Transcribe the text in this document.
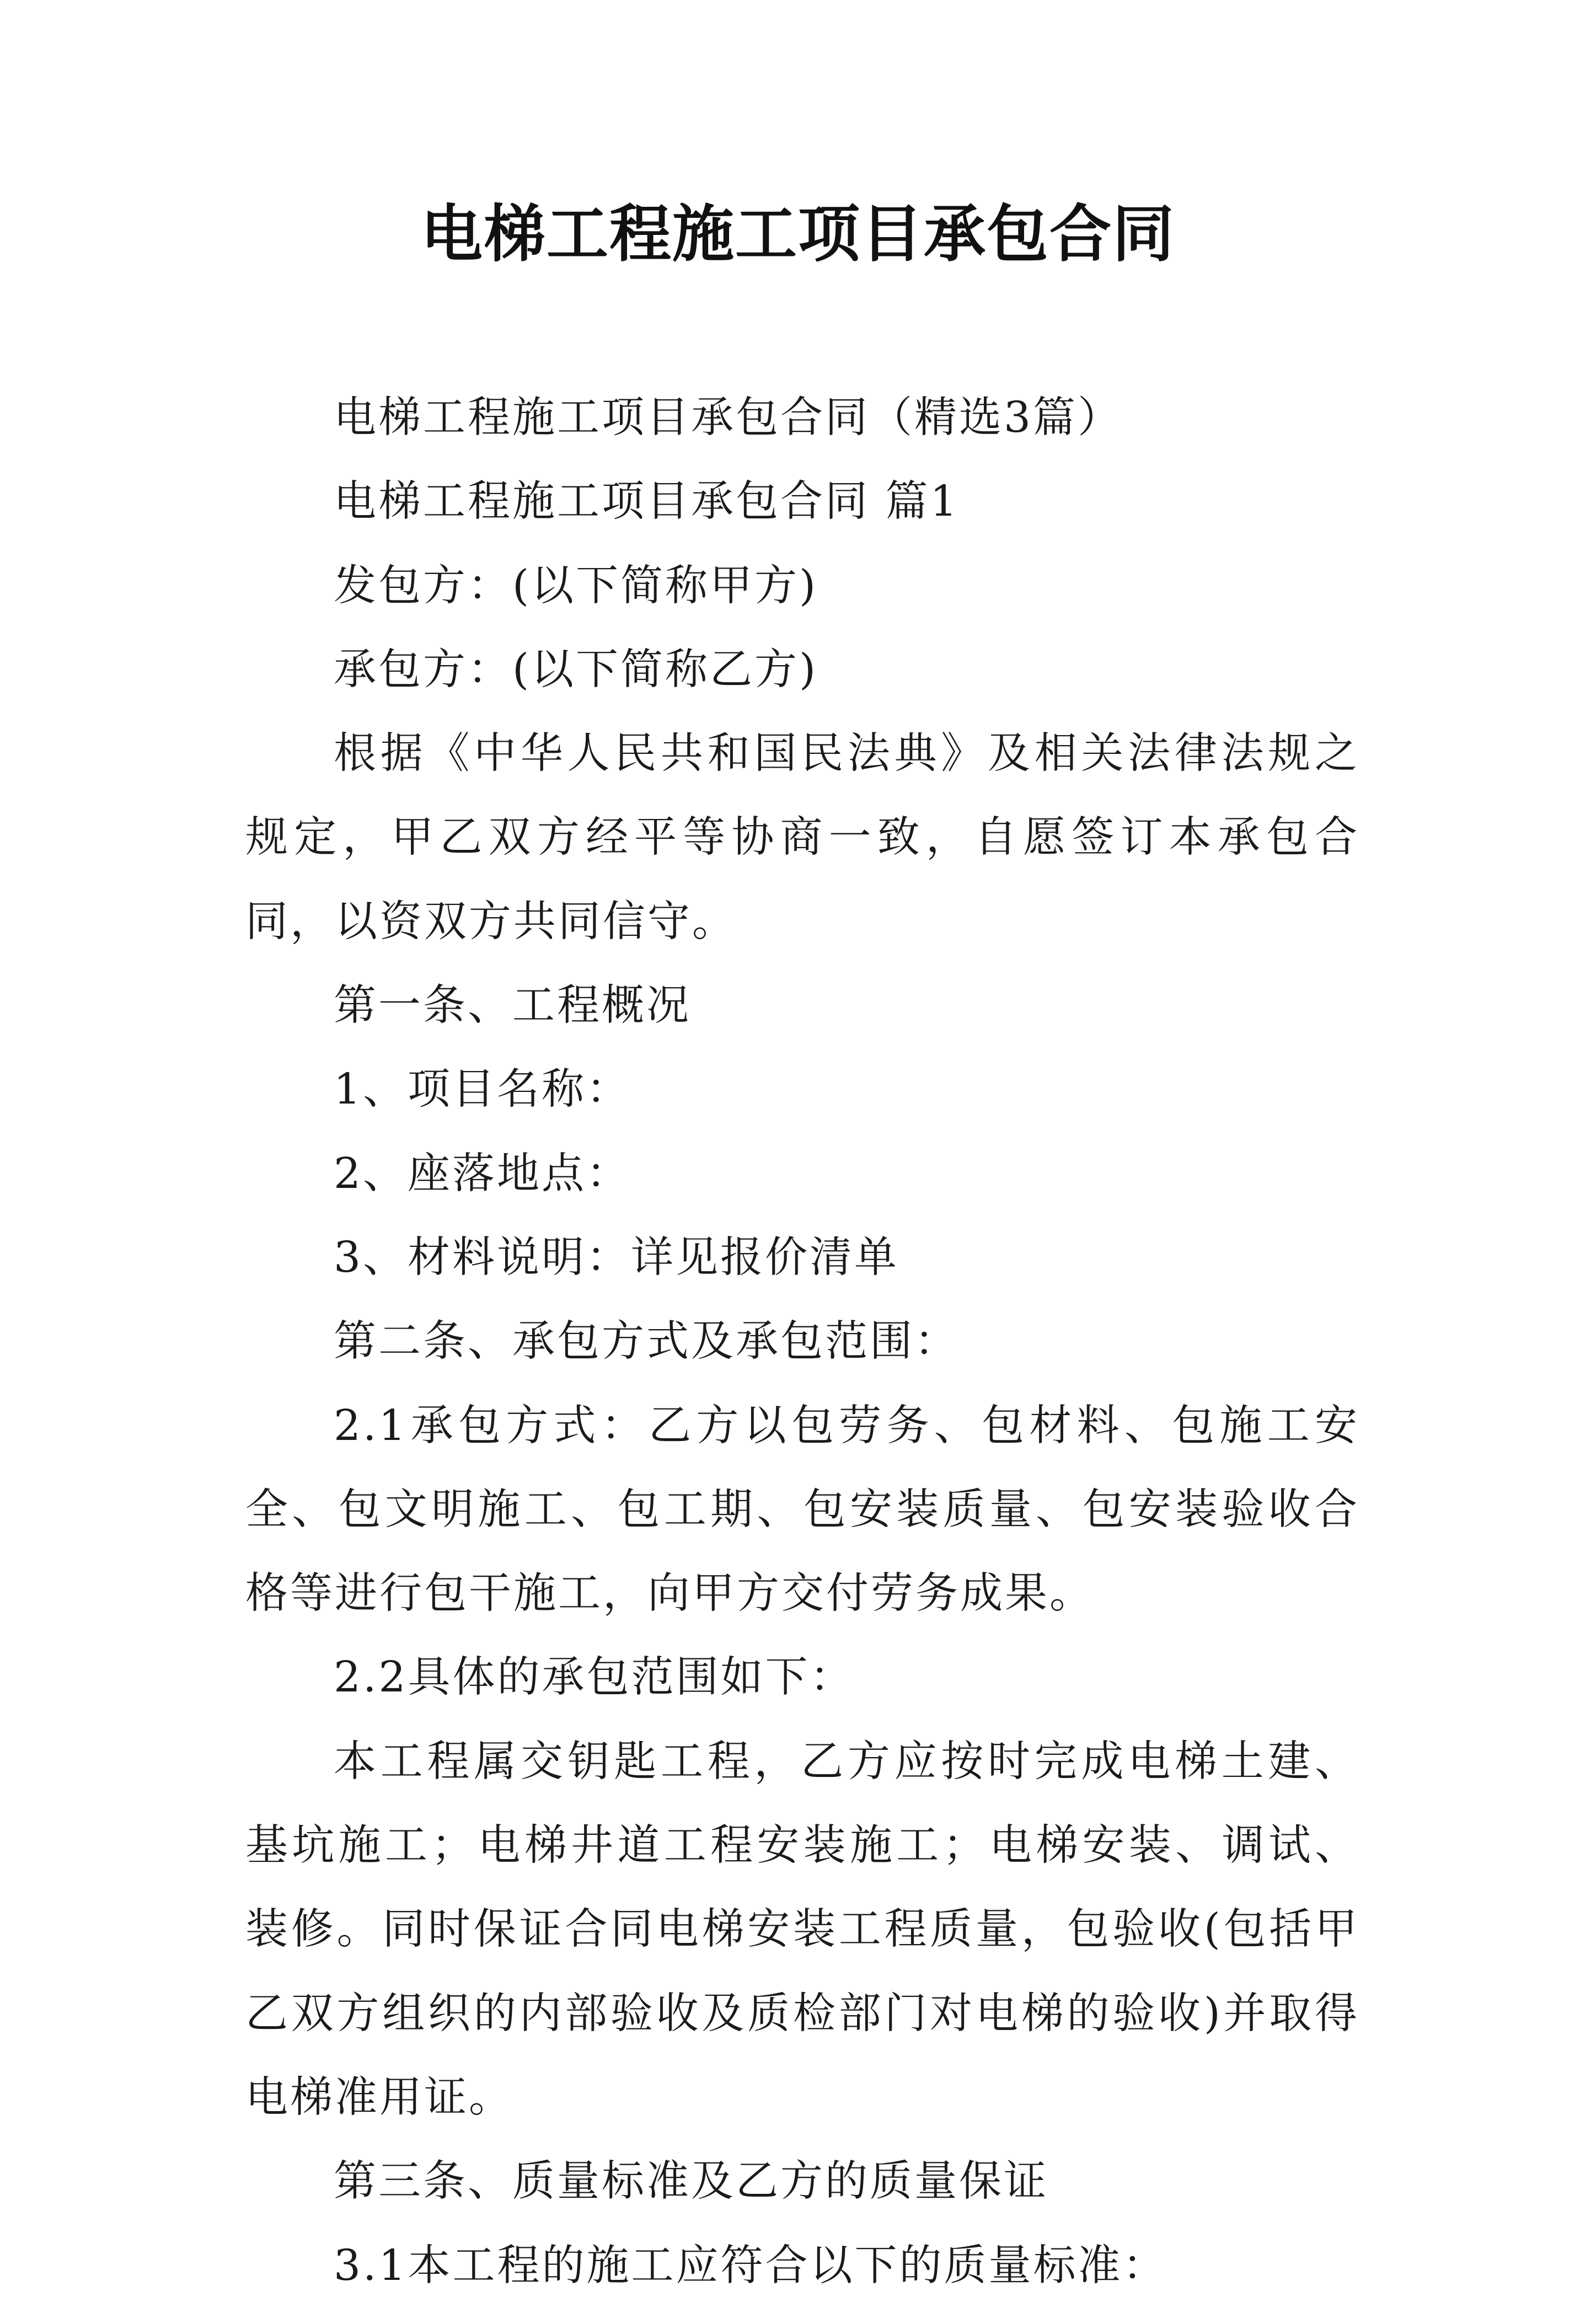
电梯工程施工项目承包合同

电梯工程施工项目承包合同（精选3篇）

电梯工程施工项目承包合同 篇1

发包方：(以下简称甲方)

承包方：(以下简称乙方)

根据《中华人民共和国民法典》及相关法律法规之规定，甲乙双方经平等协商一致，自愿签订本承包合同，以资双方共同信守。

第一条、工程概况

1、项目名称：

2、座落地点：

3、材料说明：详见报价清单

第二条、承包方式及承包范围：

2.1承包方式：乙方以包劳务、包材料、包施工安全、包文明施工、包工期、包安装质量、包安装验收合格等进行包干施工，向甲方交付劳务成果。

2.2具体的承包范围如下：

本工程属交钥匙工程，乙方应按时完成电梯土建、基坑施工；电梯井道工程安装施工；电梯安装、调试、装修。同时保证合同电梯安装工程质量，包验收(包括甲乙双方组织的内部验收及质检部门对电梯的验收)并取得电梯准用证。

第三条、质量标准及乙方的质量保证

3.1本工程的施工应符合以下的质量标准：
